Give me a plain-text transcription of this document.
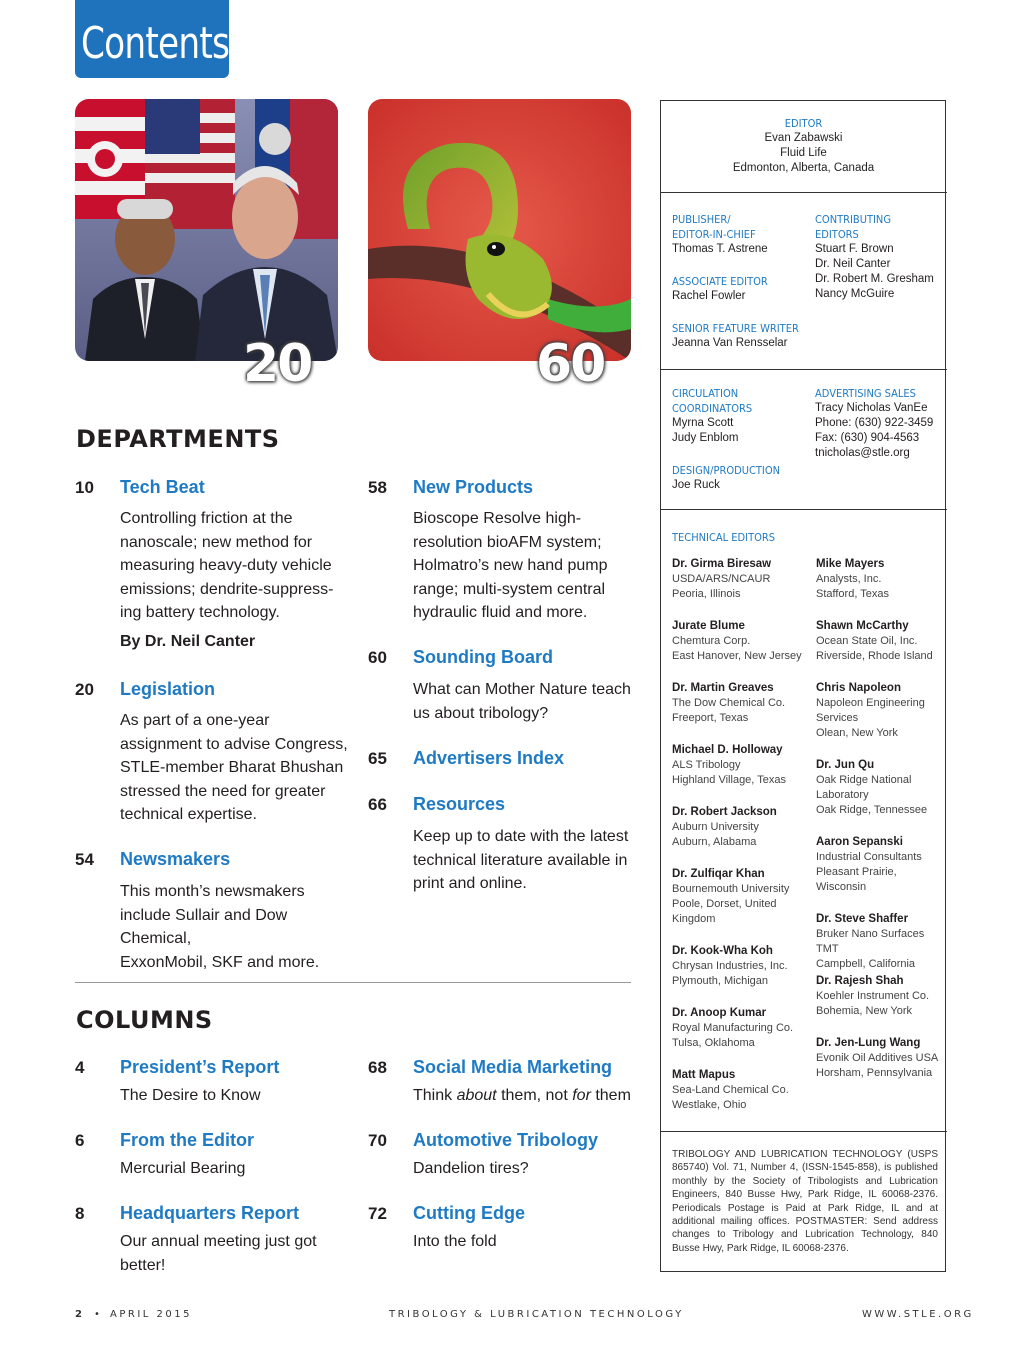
Contents
20	60
DEPARTMENTS
10 Tech Beat
Controlling friction at the
nanoscale; new method for
measuring heavy-duty vehicle
emissions; dendrite-suppress-
ing battery technology.
By Dr. Neil Canter
20 Legislation
As part of a one-year
assignment to advise Congress,
STLE-member Bharat Bhushan
stressed the need for greater
technical expertise.
54 Newsmakers
This month’s newsmakers
include Sullair and Dow Chemical,
ExxonMobil, SKF and more.
58 New Products
Bioscope Resolve high-
resolution bioAFM system;
Holmatro’s new hand pump
range; multi-system central
hydraulic fluid and more.
60 Sounding Board
What can Mother Nature teach
us about tribology?
65 Advertisers Index
66 Resources
Keep up to date with the latest
technical literature available in
print and online.
COLUMNS
4 President’s Report
The Desire to Know
6 From the Editor
Mercurial Bearing
8 Headquarters Report
Our annual meeting just got
better!
68 Social Media Marketing
Think about them, not for them
70 Automotive Tribology
Dandelion tires?
72 Cutting Edge
Into the fold
EDITOR
Evan Zabawski
Fluid Life
Edmonton, Alberta, Canada
PUBLISHER/
EDITOR-IN-CHIEF
Thomas T. Astrene
ASSOCIATE EDITOR
Rachel Fowler
CONTRIBUTING
EDITORS
Stuart F. Brown
Dr. Neil Canter
Dr. Robert M. Gresham
Nancy McGuire
SENIOR FEATURE WRITER
Jeanna Van Rensselar
CIRCULATION
COORDINATORS
Myrna Scott
Judy Enblom
ADVERTISING SALES
Tracy Nicholas VanEe
Phone: (630) 922-3459
Fax: (630) 904-4563
tnicholas@stle.org
DESIGN/PRODUCTION
Joe Ruck
TECHNICAL EDITORS
Dr. Girma Biresaw
USDA/ARS/NCAUR
Peoria, Illinois
Jurate Blume
Chemtura Corp.
East Hanover, New Jersey
Dr. Martin Greaves
The Dow Chemical Co.
Freeport, Texas
Michael D. Holloway
ALS Tribology
Highland Village, Texas
Dr. Robert Jackson
Auburn University
Auburn, Alabama
Dr. Zulfiqar Khan
Bournemouth University
Poole, Dorset, United
Kingdom
Dr. Kook-Wha Koh
Chrysan Industries, Inc.
Plymouth, Michigan
Dr. Anoop Kumar
Royal Manufacturing Co.
Tulsa, Oklahoma
Matt Mapus
Sea-Land Chemical Co.
Westlake, Ohio
Mike Mayers
Analysts, Inc.
Stafford, Texas
Shawn McCarthy
Ocean State Oil, Inc.
Riverside, Rhode Island
Chris Napoleon
Napoleon Engineering
Services
Olean, New York
Dr. Jun Qu
Oak Ridge National
Laboratory
Oak Ridge, Tennessee
Aaron Sepanski
Industrial Consultants
Pleasant Prairie,
Wisconsin
Dr. Steve Shaffer
Bruker Nano Surfaces TMT
Campbell, California
Dr. Rajesh Shah
Koehler Instrument Co.
Bohemia, New York
Dr. Jen-Lung Wang
Evonik Oil Additives USA
Horsham, Pennsylvania
TRIBOLOGY AND LUBRICATION TECHNOLOGY (USPS 865740) Vol. 71, Number 4, (ISSN-1545-858), is published monthly by the Society of Tribologists and Lubrication Engineers, 840 Busse Hwy, Park Ridge, IL 60068-2376. Periodicals Postage is Paid at Park Ridge, IL and at additional mailing offices. POSTMASTER: Send address changes to Tribology and Lubrication Technology, 840 Busse Hwy, Park Ridge, IL 60068-2376.
2 • APRIL 2015	TRIBOLOGY & LUBRICATION TECHNOLOGY	WWW.STLE.ORG
